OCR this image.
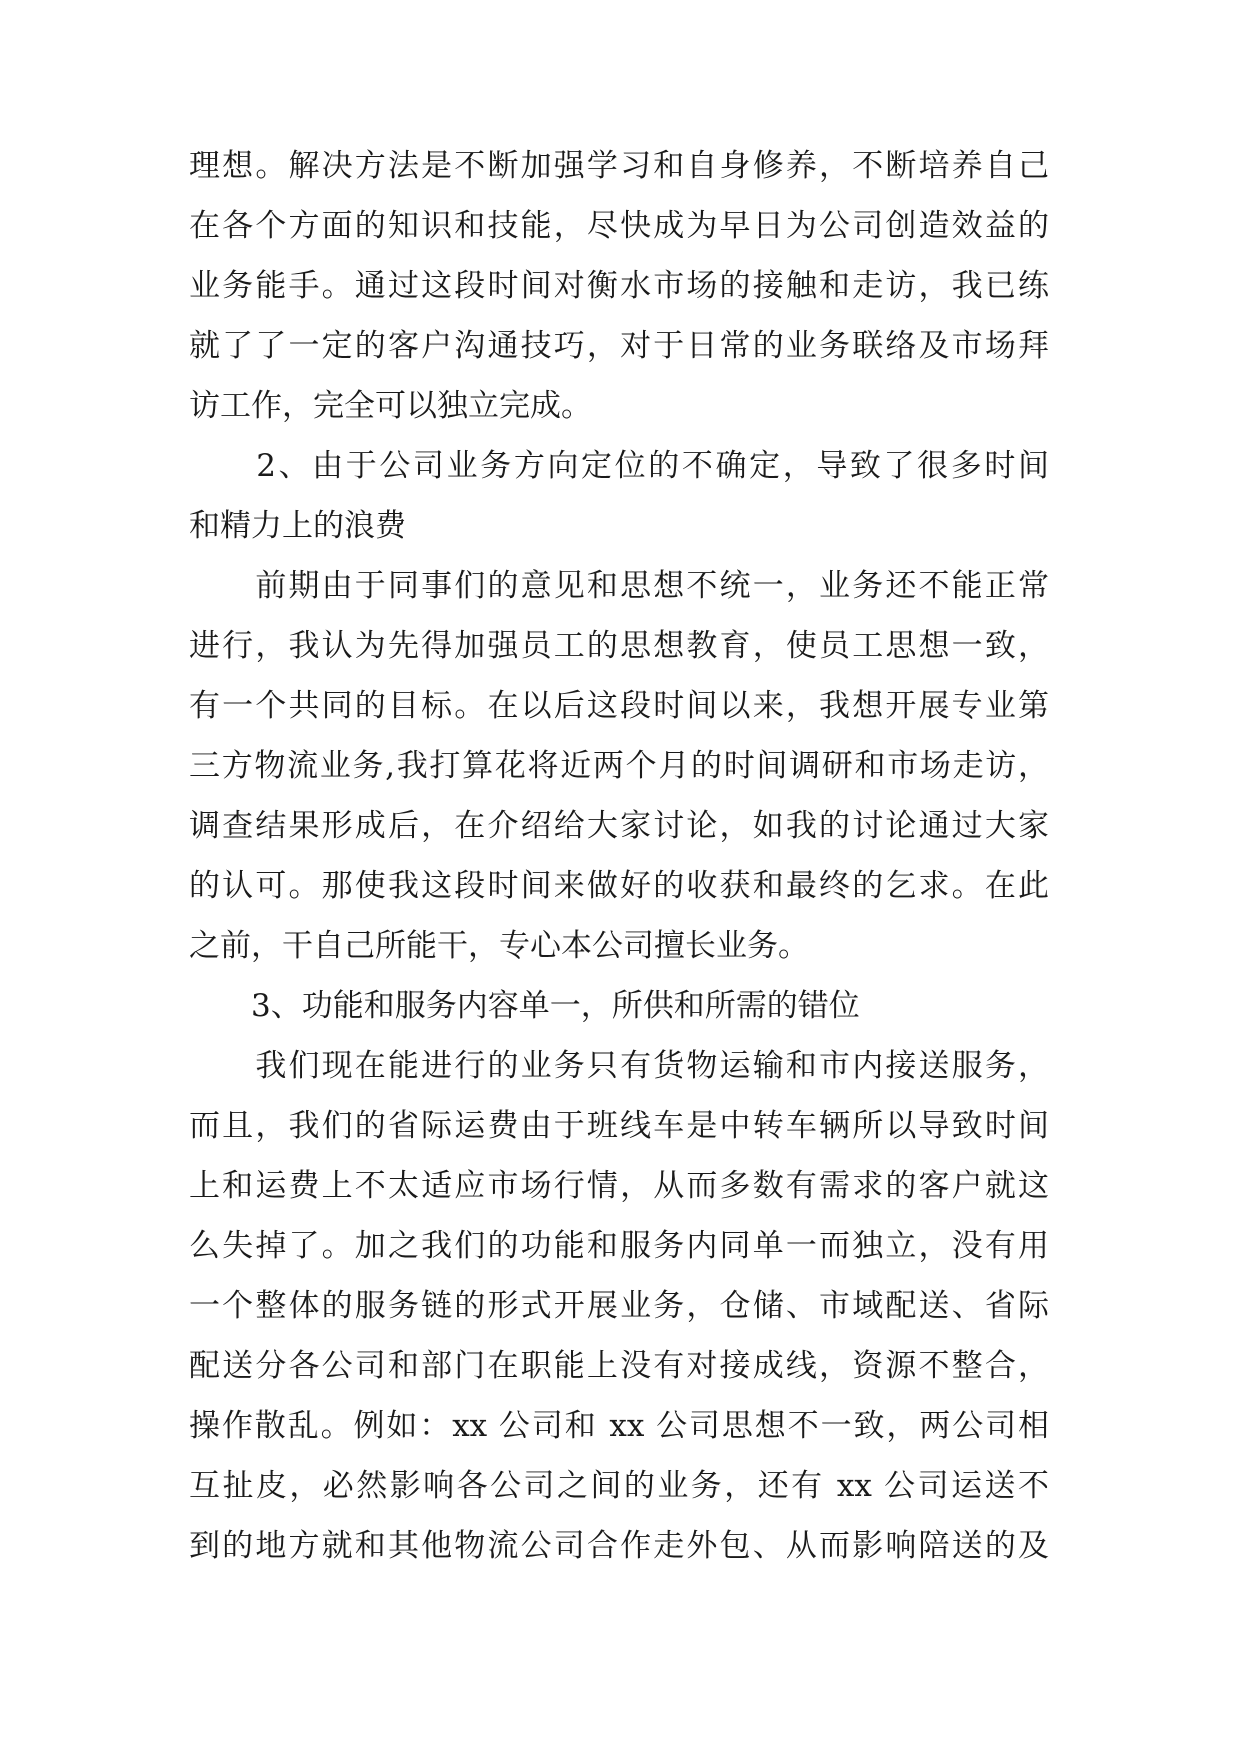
理想。解决方法是不断加强学习和自身修养，不断培养自己
在各个方面的知识和技能，尽快成为早日为公司创造效益的
业务能手。通过这段时间对衡水市场的接触和走访，我已练
就了了一定的客户沟通技巧，对于日常的业务联络及市场拜
访工作，完全可以独立完成。
　　2、由于公司业务方向定位的不确定，导致了很多时间
和精力上的浪费
　　前期由于同事们的意见和思想不统一，业务还不能正常
进行，我认为先得加强员工的思想教育，使员工思想一致，
有一个共同的目标。在以后这段时间以来，我想开展专业第
三方物流业务,我打算花将近两个月的时间调研和市场走访，
调查结果形成后，在介绍给大家讨论，如我的讨论通过大家
的认可。那使我这段时间来做好的收获和最终的乞求。在此
之前，干自己所能干，专心本公司擅长业务。
　　3、功能和服务内容单一，所供和所需的错位
　　我们现在能进行的业务只有货物运输和市内接送服务，
而且，我们的省际运费由于班线车是中转车辆所以导致时间
上和运费上不太适应市场行情，从而多数有需求的客户就这
么失掉了。加之我们的功能和服务内同单一而独立，没有用
一个整体的服务链的形式开展业务，仓储、市域配送、省际
配送分各公司和部门在职能上没有对接成线，资源不整合，
操作散乱。例如：xx 公司和 xx 公司思想不一致，两公司相
互扯皮，必然影响各公司之间的业务，还有 xx 公司运送不
到的地方就和其他物流公司合作走外包、从而影响陪送的及
